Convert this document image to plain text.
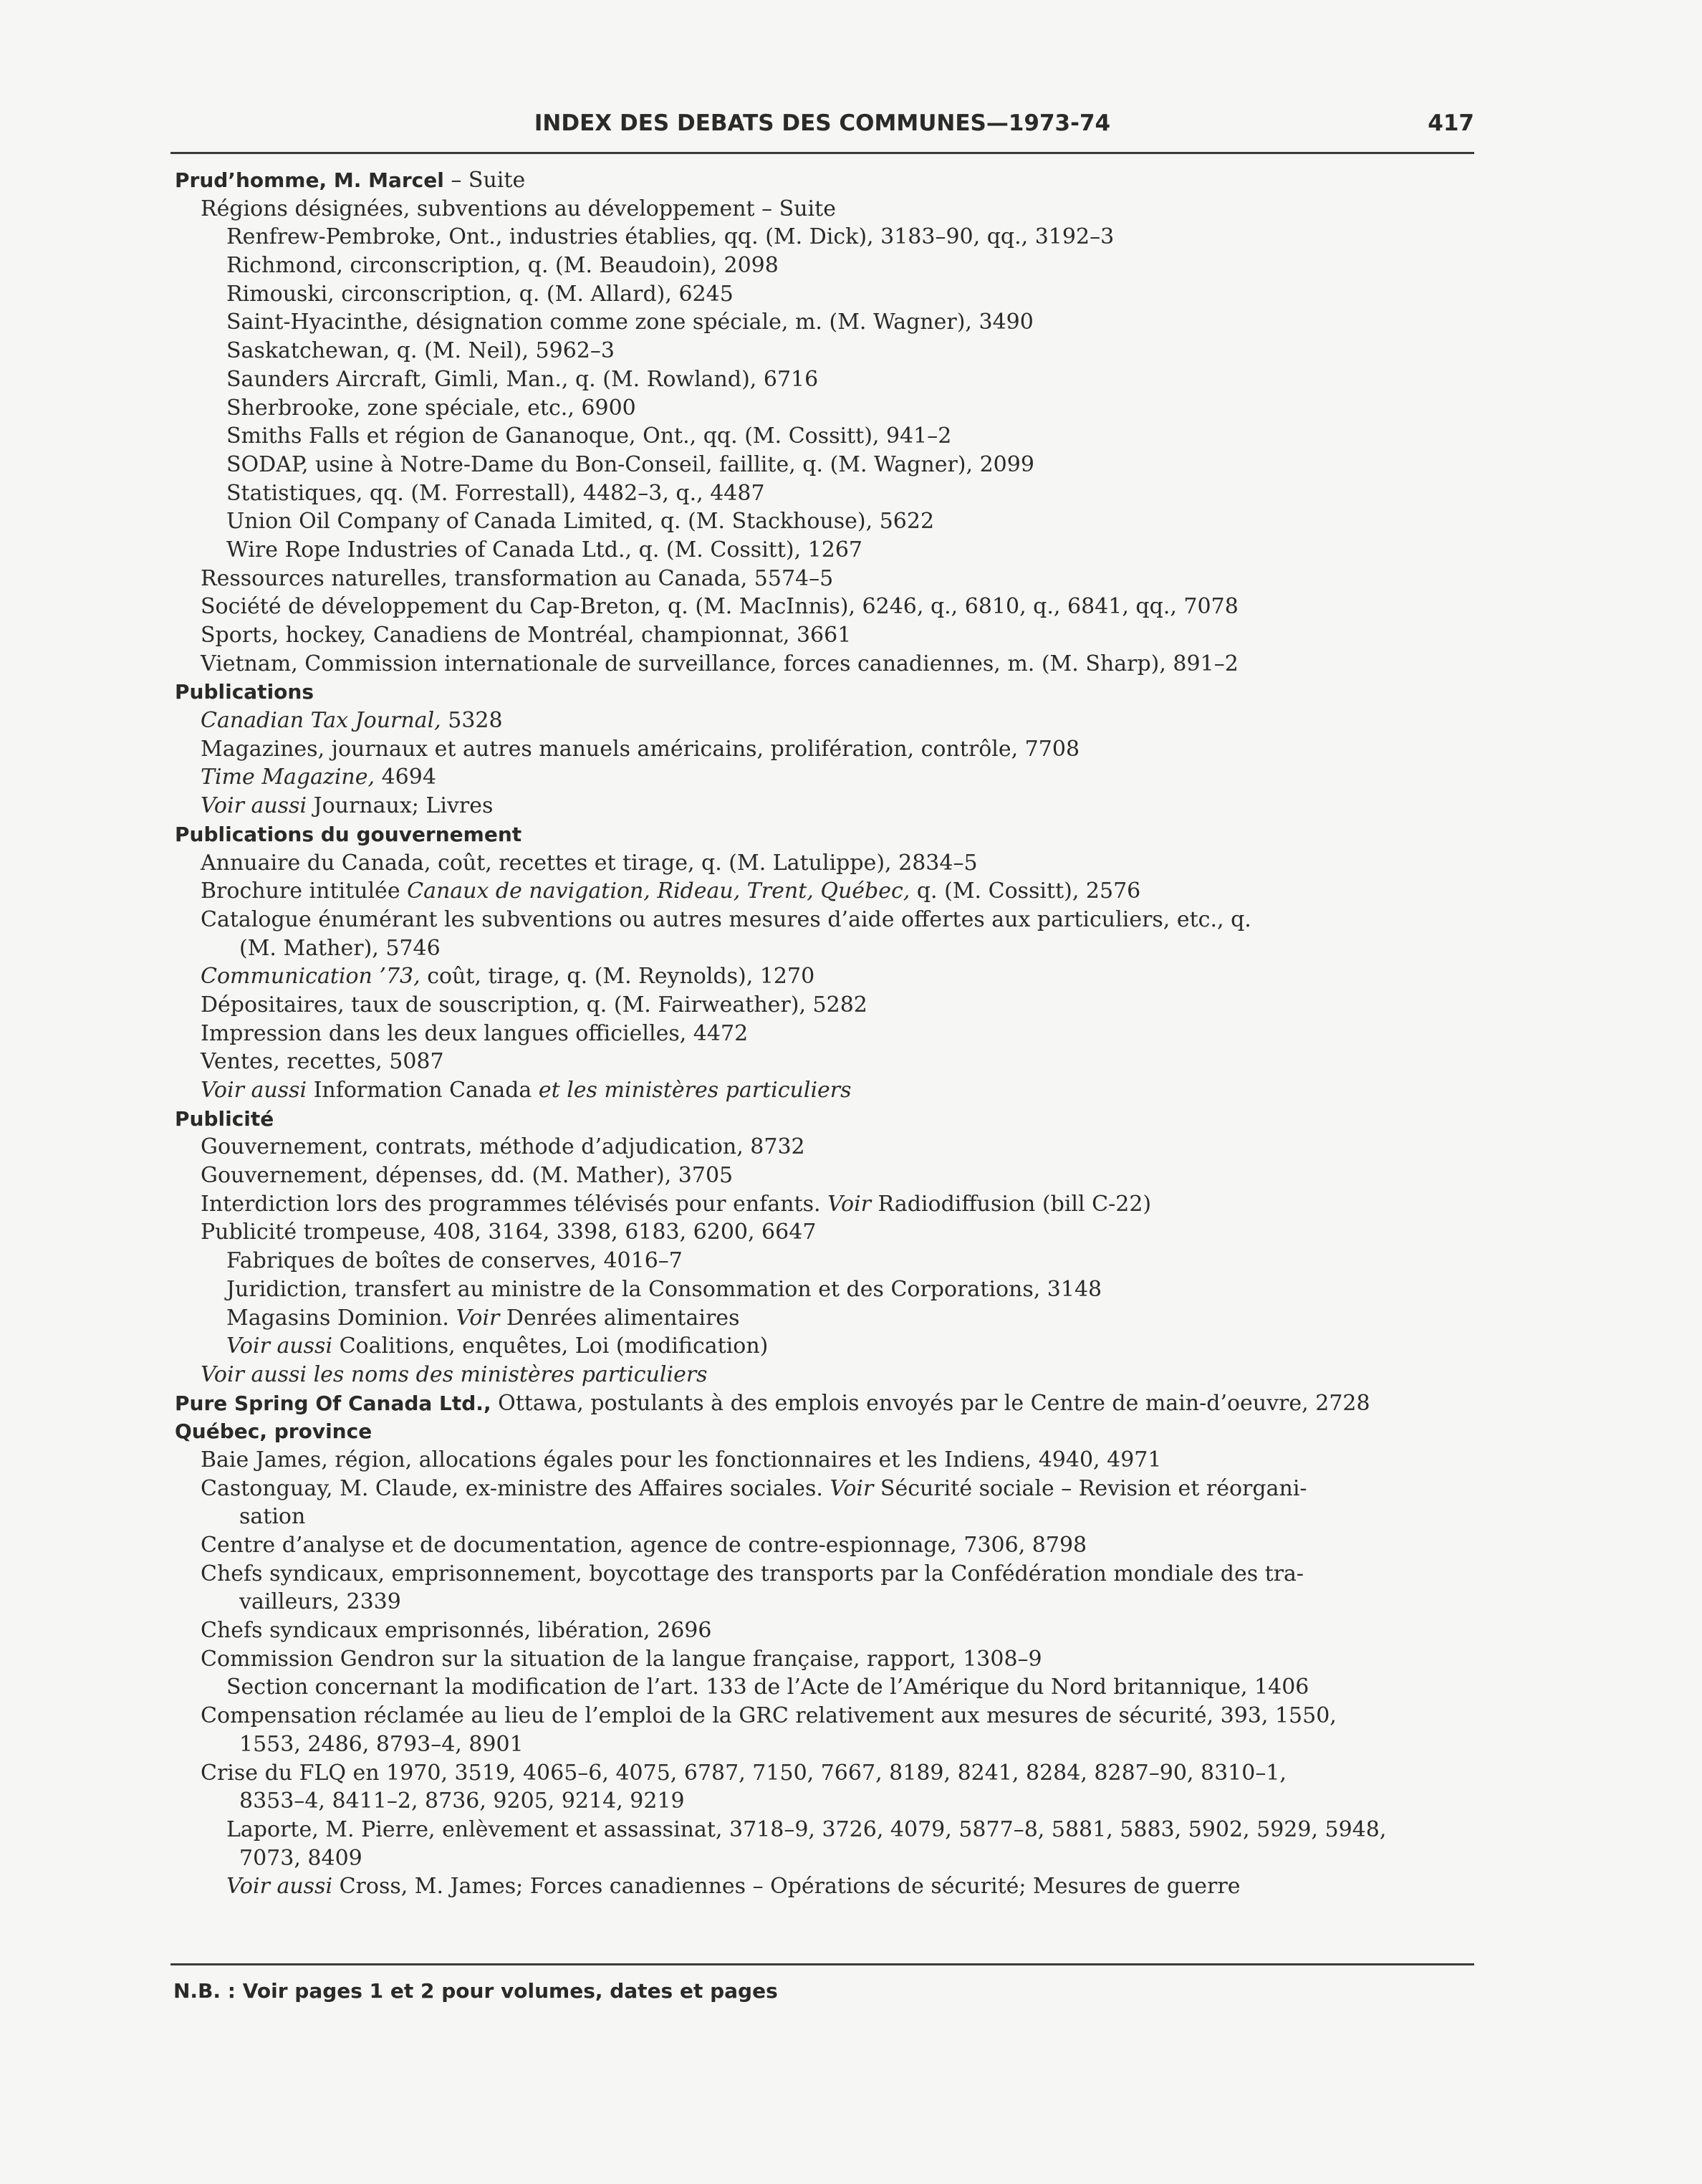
INDEX DES DEBATS DES COMMUNES—1973-74	417
Prud’homme, M. Marcel – Suite
Régions désignées, subventions au développement – Suite
Renfrew-Pembroke, Ont., industries établies, qq. (M. Dick), 3183–90, qq., 3192–3
Richmond, circonscription, q. (M. Beaudoin), 2098
Rimouski, circonscription, q. (M. Allard), 6245
Saint-Hyacinthe, désignation comme zone spéciale, m. (M. Wagner), 3490
Saskatchewan, q. (M. Neil), 5962–3
Saunders Aircraft, Gimli, Man., q. (M. Rowland), 6716
Sherbrooke, zone spéciale, etc., 6900
Smiths Falls et région de Gananoque, Ont., qq. (M. Cossitt), 941–2
SODAP, usine à Notre-Dame du Bon-Conseil, faillite, q. (M. Wagner), 2099
Statistiques, qq. (M. Forrestall), 4482–3, q., 4487
Union Oil Company of Canada Limited, q. (M. Stackhouse), 5622
Wire Rope Industries of Canada Ltd., q. (M. Cossitt), 1267
Ressources naturelles, transformation au Canada, 5574–5
Société de développement du Cap-Breton, q. (M. MacInnis), 6246, q., 6810, q., 6841, qq., 7078
Sports, hockey, Canadiens de Montréal, championnat, 3661
Vietnam, Commission internationale de surveillance, forces canadiennes, m. (M. Sharp), 891–2
Publications
Canadian Tax Journal, 5328
Magazines, journaux et autres manuels américains, prolifération, contrôle, 7708
Time Magazine, 4694
Voir aussi Journaux; Livres
Publications du gouvernement
Annuaire du Canada, coût, recettes et tirage, q. (M. Latulippe), 2834–5
Brochure intitulée Canaux de navigation, Rideau, Trent, Québec, q. (M. Cossitt), 2576
Catalogue énumérant les subventions ou autres mesures d’aide offertes aux particuliers, etc., q.
(M. Mather), 5746
Communication ’73, coût, tirage, q. (M. Reynolds), 1270
Dépositaires, taux de souscription, q. (M. Fairweather), 5282
Impression dans les deux langues officielles, 4472
Ventes, recettes, 5087
Voir aussi Information Canada et les ministères particuliers
Publicité
Gouvernement, contrats, méthode d’adjudication, 8732
Gouvernement, dépenses, dd. (M. Mather), 3705
Interdiction lors des programmes télévisés pour enfants. Voir Radiodiffusion (bill C-22)
Publicité trompeuse, 408, 3164, 3398, 6183, 6200, 6647
Fabriques de boîtes de conserves, 4016–7
Juridiction, transfert au ministre de la Consommation et des Corporations, 3148
Magasins Dominion. Voir Denrées alimentaires
Voir aussi Coalitions, enquêtes, Loi (modification)
Voir aussi les noms des ministères particuliers
Pure Spring Of Canada Ltd., Ottawa, postulants à des emplois envoyés par le Centre de main-d’oeuvre, 2728
Québec, province
Baie James, région, allocations égales pour les fonctionnaires et les Indiens, 4940, 4971
Castonguay, M. Claude, ex-ministre des Affaires sociales. Voir Sécurité sociale – Revision et réorgani-
sation
Centre d’analyse et de documentation, agence de contre-espionnage, 7306, 8798
Chefs syndicaux, emprisonnement, boycottage des transports par la Confédération mondiale des tra-
vailleurs, 2339
Chefs syndicaux emprisonnés, libération, 2696
Commission Gendron sur la situation de la langue française, rapport, 1308–9
Section concernant la modification de l’art. 133 de l’Acte de l’Amérique du Nord britannique, 1406
Compensation réclamée au lieu de l’emploi de la GRC relativement aux mesures de sécurité, 393, 1550,
1553, 2486, 8793–4, 8901
Crise du FLQ en 1970, 3519, 4065–6, 4075, 6787, 7150, 7667, 8189, 8241, 8284, 8287–90, 8310–1,
8353–4, 8411–2, 8736, 9205, 9214, 9219
Laporte, M. Pierre, enlèvement et assassinat, 3718–9, 3726, 4079, 5877–8, 5881, 5883, 5902, 5929, 5948,
7073, 8409
Voir aussi Cross, M. James; Forces canadiennes – Opérations de sécurité; Mesures de guerre
N.B. : Voir pages 1 et 2 pour volumes, dates et pages
